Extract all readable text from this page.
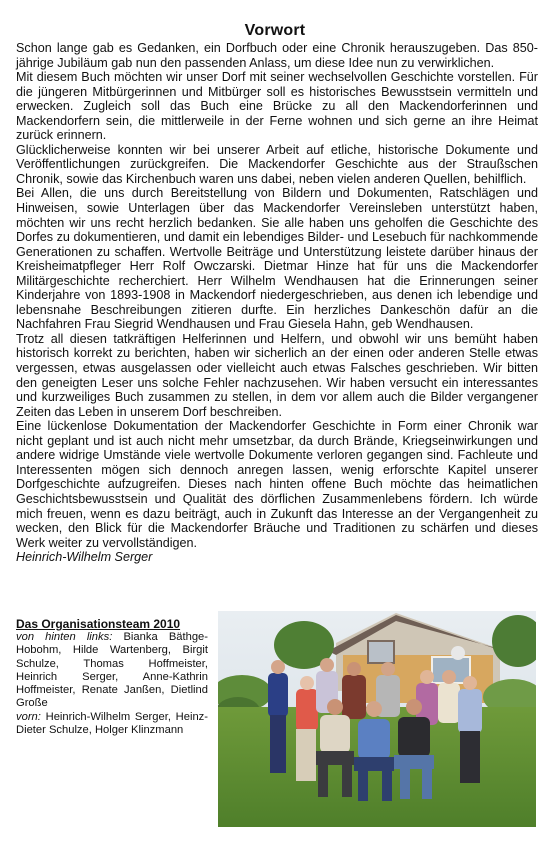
Vorwort

Schon lange gab es Gedanken, ein Dorfbuch oder eine Chronik herauszugeben. Das 850-jährige Jubiläum gab nun den passenden Anlass, um diese Idee nun zu verwirklichen.

Mit diesem Buch möchten wir unser Dorf mit seiner wechselvollen Geschichte vorstellen. Für die jüngeren Mitbürgerinnen und Mitbürger soll es historisches Bewusstsein vermitteln und erwecken. Zugleich soll das Buch eine Brücke zu all den Mackendorferinnen und Mackendorfern sein, die mittlerweile in der Ferne wohnen und sich gerne an ihre Heimat zurück erinnern.

Glücklicherweise konnten wir bei unserer Arbeit auf etliche, historische Dokumente und Veröffentlichungen zurückgreifen. Die Mackendorfer Geschichte aus der Straußschen Chronik, sowie das Kirchenbuch waren uns dabei, neben vielen anderen Quellen, behilflich.

Bei Allen, die uns durch Bereitstellung von Bildern und Dokumenten, Ratschlägen und Hinweisen, sowie Unterlagen über das Mackendorfer Vereinsleben unterstützt haben, möchten wir uns recht herzlich bedanken. Sie alle haben uns geholfen die Geschichte des Dorfes zu dokumentieren, und damit ein lebendiges Bilder- und Lesebuch für nachkommende Generationen zu schaffen. Wertvolle Beiträge und Unterstützung leistete darüber hinaus der Kreisheimatpfleger Herr Rolf Owczarski. Dietmar Hinze hat für uns die Mackendorfer Militärgeschichte recherchiert. Herr Wilhelm Wendhausen hat die Erinnerungen seiner Kinderjahre von 1893-1908 in Mackendorf niedergeschrieben, aus denen ich lebendige und lebensnahe Beschreibungen zitieren durfte. Ein herzliches Dankeschön dafür an die Nachfahren Frau Siegrid Wendhausen und Frau Giesela Hahn, geb Wendhausen.

Trotz all diesen tatkräftigen Helferinnen und Helfern, und obwohl wir uns bemüht haben historisch korrekt zu berichten, haben wir sicherlich an der einen oder anderen Stelle etwas vergessen, etwas ausgelassen oder vielleicht auch etwas Falsches geschrieben. Wir bitten den geneigten Leser uns solche Fehler nachzusehen. Wir haben versucht ein interessantes und kurzweiliges Buch zusammen zu stellen, in dem vor allem auch die Bilder vergangener Zeiten das Leben in unserem Dorf beschreiben.

Eine lückenlose Dokumentation der Mackendorfer Geschichte in Form einer Chronik war nicht geplant und ist auch nicht mehr umsetzbar, da durch Brände, Kriegseinwirkungen und andere widrige Umstände viele wertvolle Dokumente verloren gegangen sind. Fachleute und Interessenten mögen sich dennoch anregen lassen, wenig erforschte Kapitel unserer Dorfgeschichte aufzugreifen. Dieses nach hinten offene Buch möchte das heimatlichen Geschichtsbewusstsein und Qualität des dörflichen Zusammenlebens fördern. Ich würde mich freuen, wenn es dazu beiträgt, auch in Zukunft das Interesse an der Vergangenheit zu wecken, den Blick für die Mackendorfer Bräuche und Traditionen zu schärfen und dieses Werk weiter zu vervollständigen.

Heinrich-Wilhelm Serger
Das Organisationsteam 2010

von hinten links: Bianka Bäthge-Hobohm, Hilde Wartenberg, Birgit Schulze, Thomas Hoffmeister, Heinrich Serger, Anne-Kathrin Hoffmeister, Renate Janßen, Dietlind Große

vorn: Heinrich-Wilhelm Serger, Heinz-Dieter Schulze, Holger Klinzmann
